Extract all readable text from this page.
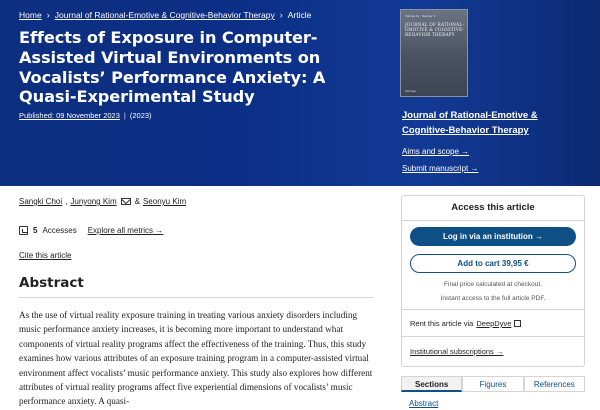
Home › Journal of Rational-Emotive & Cognitive-Behavior Therapy › Article
Effects of Exposure in Computer-Assisted Virtual Environments on Vocalists’ Performance Anxiety: A Quasi-Experimental Study
Published: 09 November 2023 | (2023)
Volume 41 · Number 4
JOURNAL OF RATIONAL-EMOTIVE & COGNITIVE-BEHAVIOR THERAPY
Springer
Journal of Rational-Emotive & Cognitive-Behavior Therapy
Aims and scope →
Submit manuscript →
Sangki Choi , Junyong Kim & Seonyu Kim
5 Accesses Explore all metrics →
Cite this article
Abstract

As the use of virtual reality exposure training in treating various anxiety disorders including music performance anxiety increases, it is becoming more important to understand what components of virtual reality programs affect the effectiveness of the training. Thus, this study examines how various attributes of an exposure training program in a computer-assisted virtual environment affect vocalists’ music performance anxiety. This study also explores how different attributes of virtual reality programs affect five experiential dimensions of vocalists’ music performance anxiety. A quasi-

Access this article
Log in via an institution →
Add to cart 39,95 €
Final price calculated at checkout.
Instant access to the full article PDF.
Rent this article via DeepDyve
Institutional subscriptions →
Sections	Figures	References
Abstract
